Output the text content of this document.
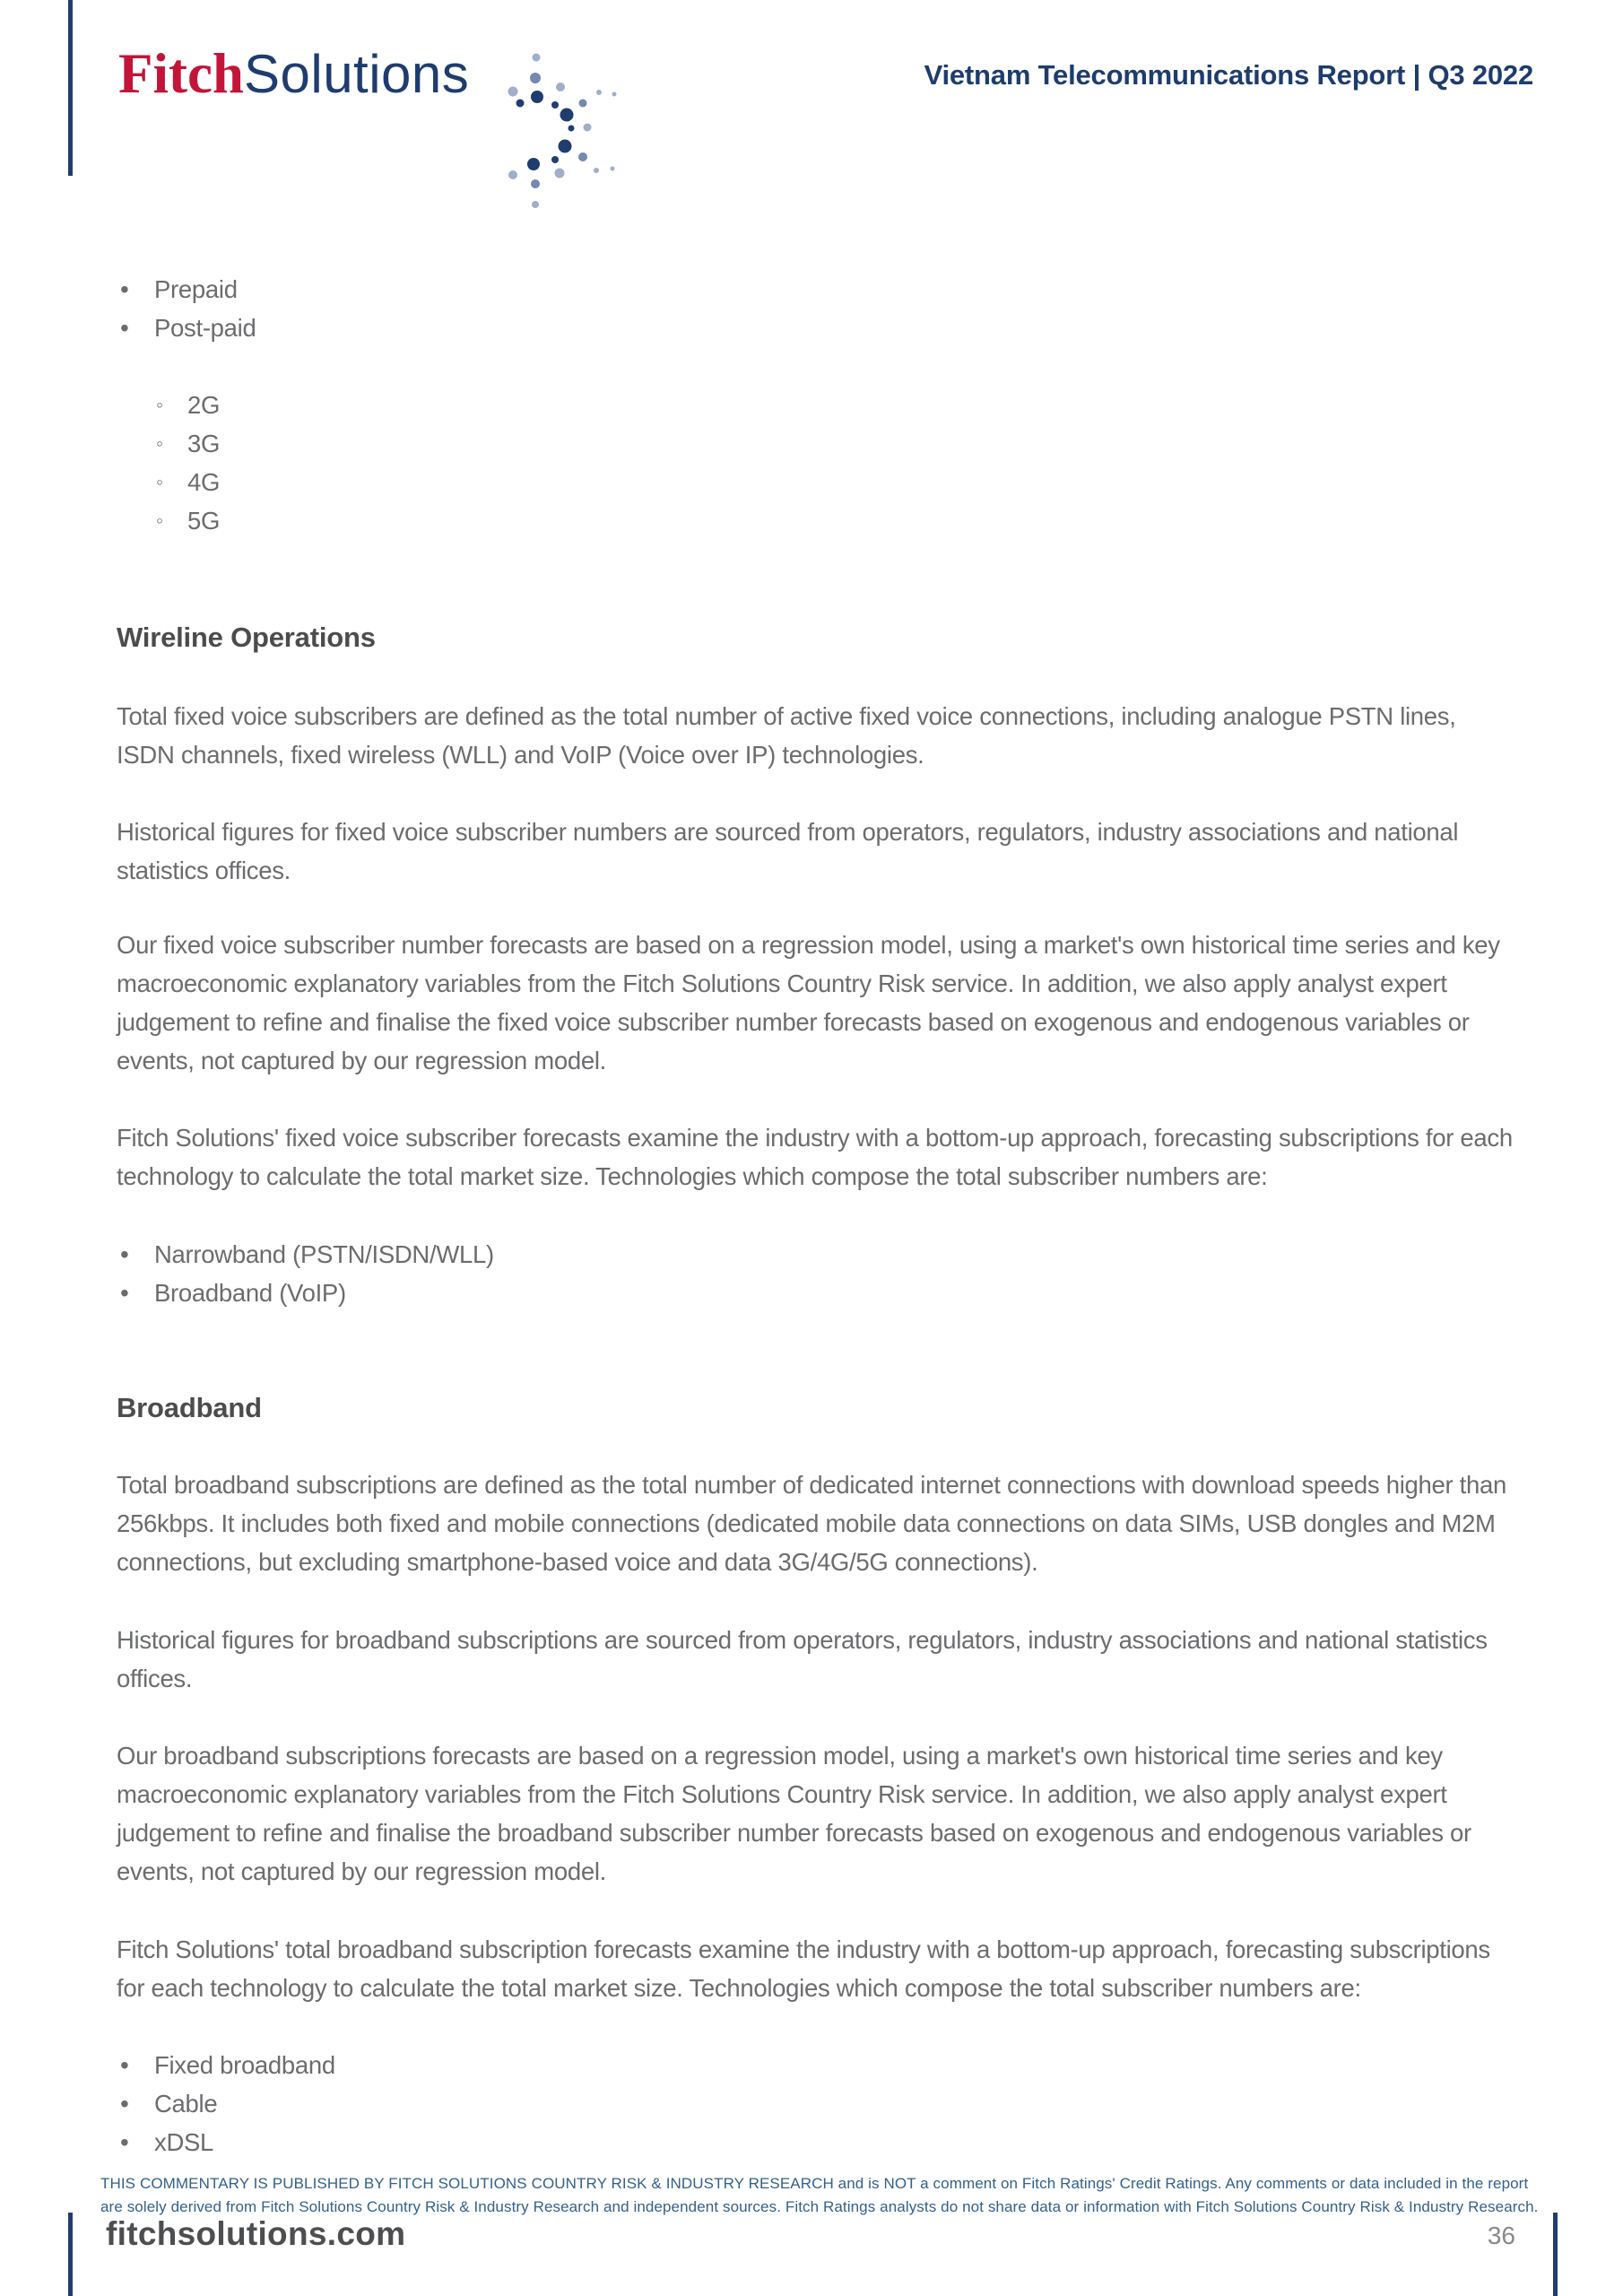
FitchSolutions	Vietnam Telecommunications Report | Q3 2022
• Prepaid
• Post-paid
◦ 2G
◦ 3G
◦ 4G
◦ 5G
Wireline Operations

Total fixed voice subscribers are defined as the total number of active fixed voice connections, including analogue PSTN lines, ISDN channels, fixed wireless (WLL) and VoIP (Voice over IP) technologies.

Historical figures for fixed voice subscriber numbers are sourced from operators, regulators, industry associations and national statistics offices.

Our fixed voice subscriber number forecasts are based on a regression model, using a market's own historical time series and key macroeconomic explanatory variables from the Fitch Solutions Country Risk service. In addition, we also apply analyst expert judgement to refine and finalise the fixed voice subscriber number forecasts based on exogenous and endogenous variables or events, not captured by our regression model.

Fitch Solutions' fixed voice subscriber forecasts examine the industry with a bottom-up approach, forecasting subscriptions for each technology to calculate the total market size. Technologies which compose the total subscriber numbers are:

• Narrowband (PSTN/ISDN/WLL)
• Broadband (VoIP)
Broadband

Total broadband subscriptions are defined as the total number of dedicated internet connections with download speeds higher than 256kbps. It includes both fixed and mobile connections (dedicated mobile data connections on data SIMs, USB dongles and M2M connections, but excluding smartphone-based voice and data 3G/4G/5G connections).

Historical figures for broadband subscriptions are sourced from operators, regulators, industry associations and national statistics offices.

Our broadband subscriptions forecasts are based on a regression model, using a market's own historical time series and key macroeconomic explanatory variables from the Fitch Solutions Country Risk service. In addition, we also apply analyst expert judgement to refine and finalise the broadband subscriber number forecasts based on exogenous and endogenous variables or events, not captured by our regression model.

Fitch Solutions' total broadband subscription forecasts examine the industry with a bottom-up approach, forecasting subscriptions for each technology to calculate the total market size. Technologies which compose the total subscriber numbers are:

• Fixed broadband
• Cable
• xDSL
THIS COMMENTARY IS PUBLISHED BY FITCH SOLUTIONS COUNTRY RISK & INDUSTRY RESEARCH and is NOT a comment on Fitch Ratings' Credit Ratings. Any comments or data included in the report are solely derived from Fitch Solutions Country Risk & Industry Research and independent sources. Fitch Ratings analysts do not share data or information with Fitch Solutions Country Risk & Industry Research.
fitchsolutions.com	36
